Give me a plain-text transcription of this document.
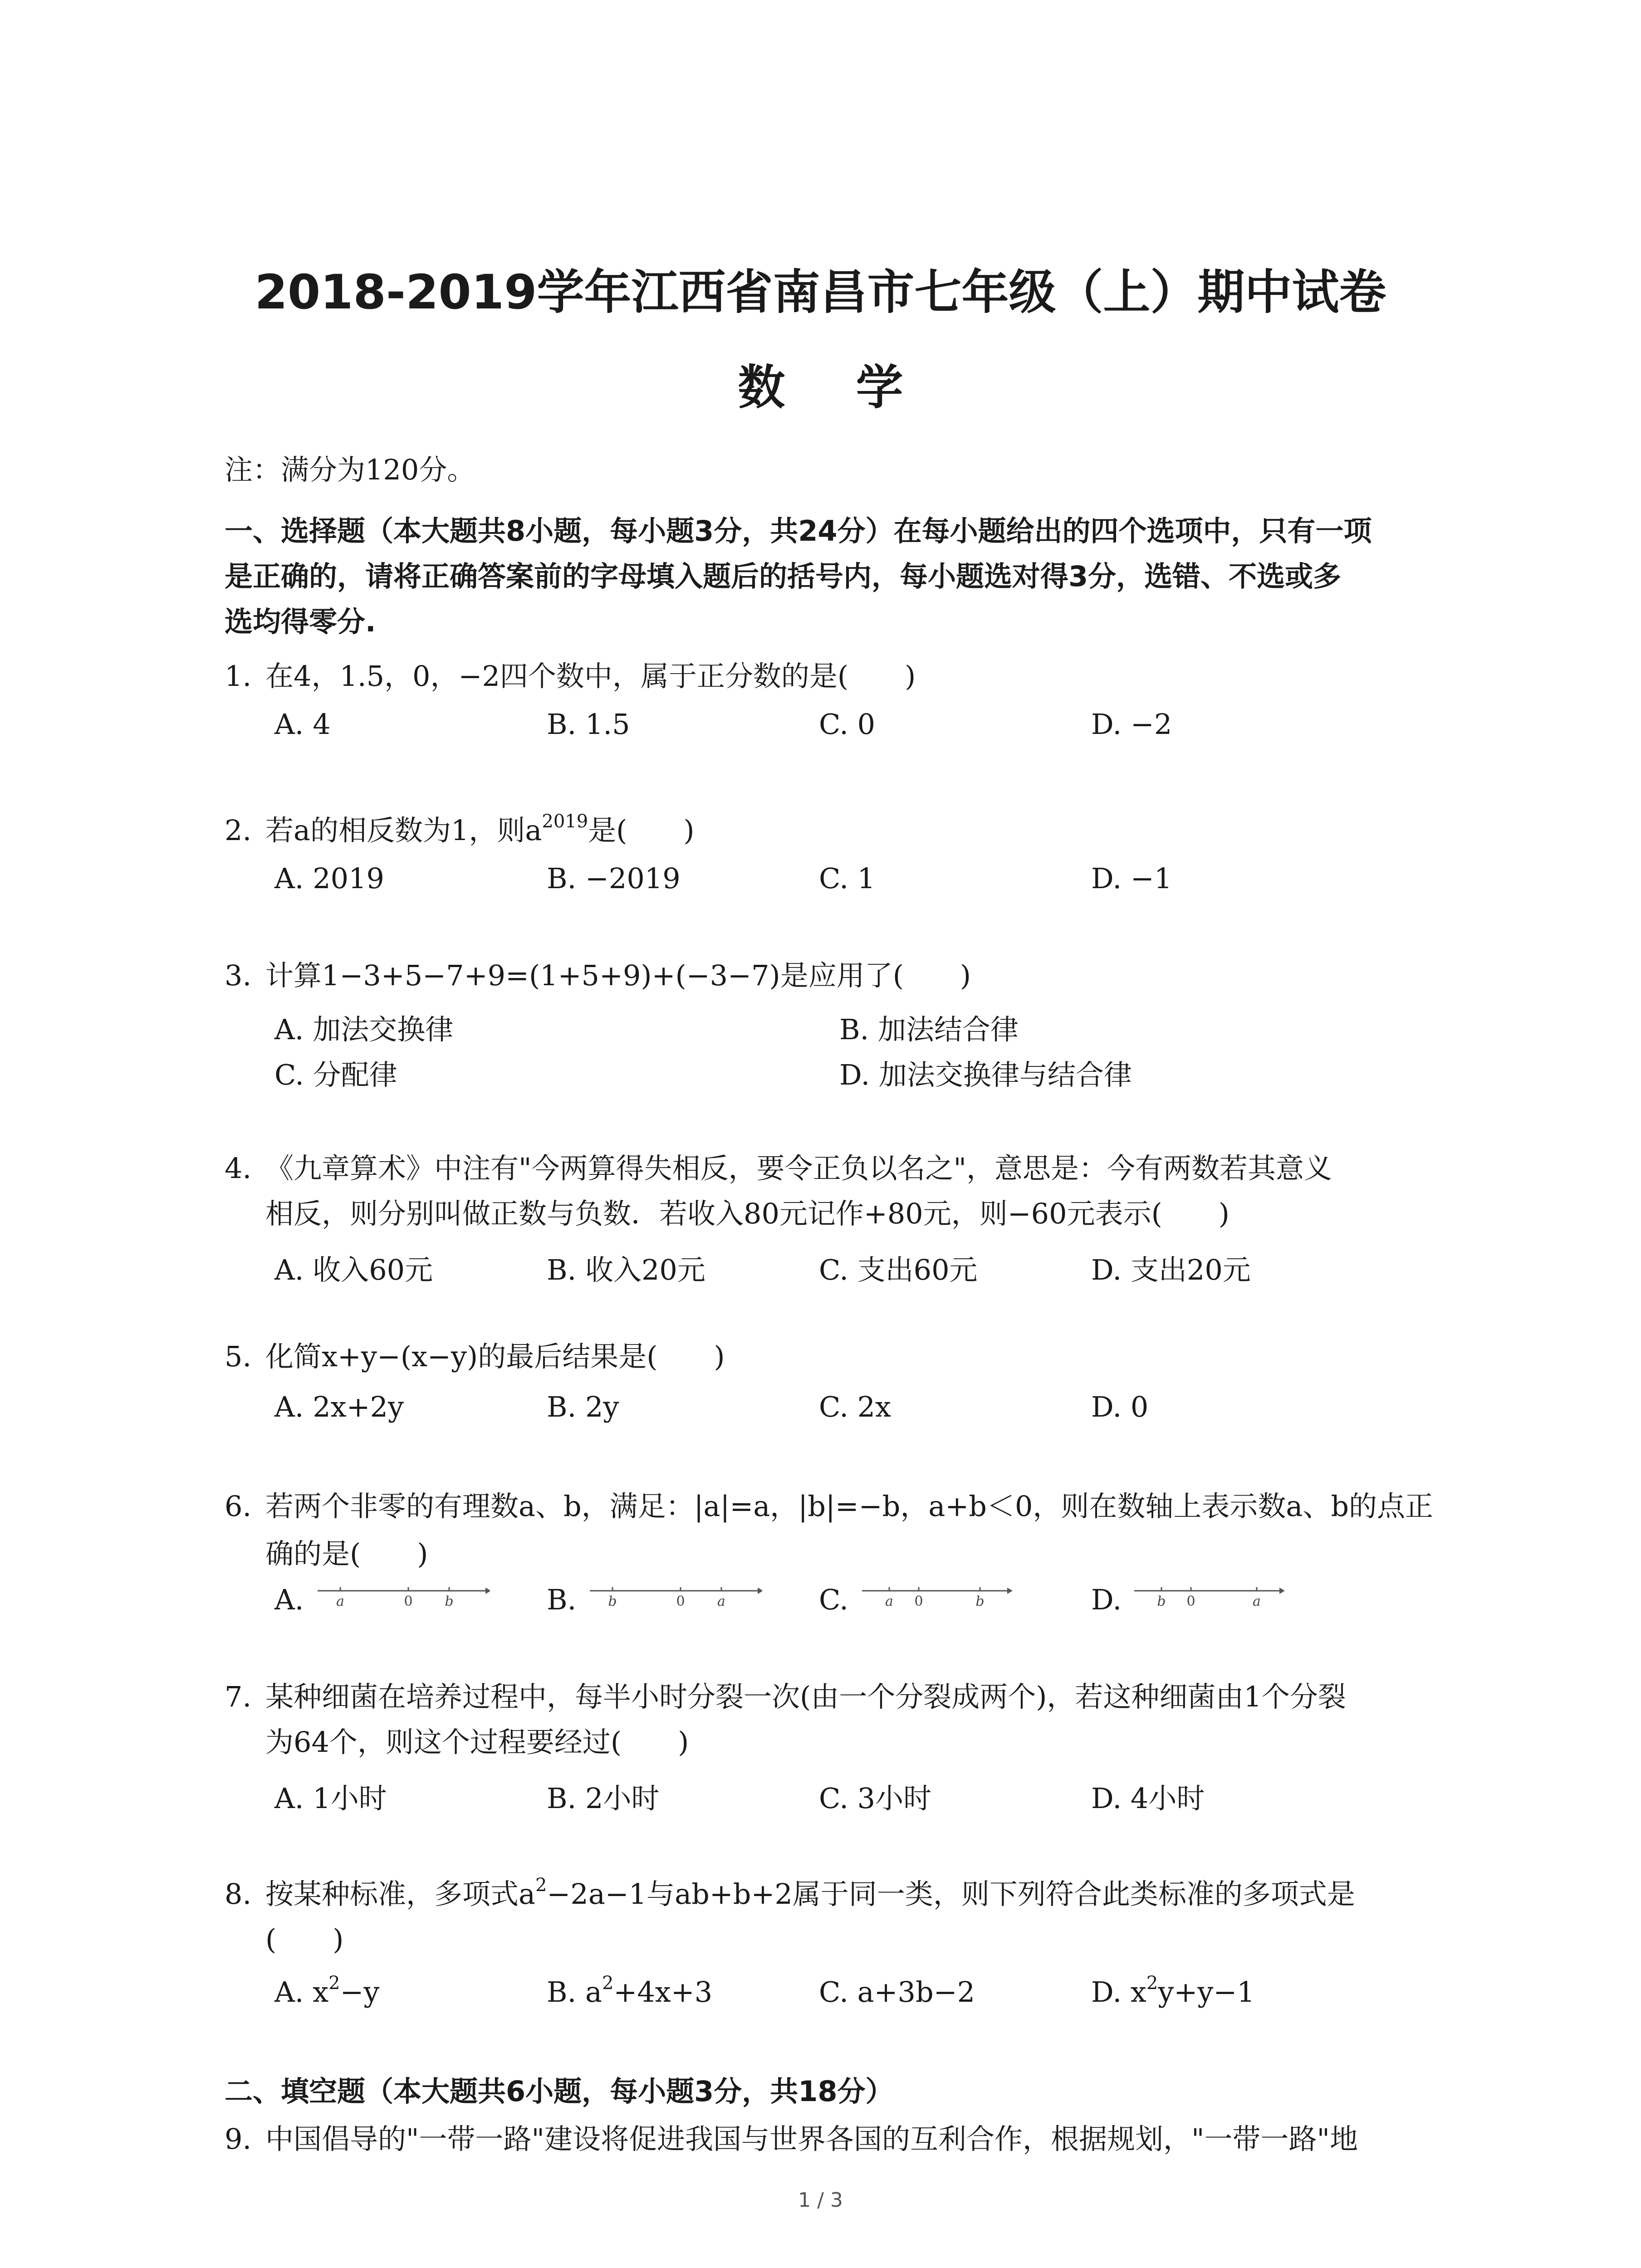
2018-2019学年江西省南昌市七年级（上）期中试卷
数 学
注：满分为120分。
一、选择题（本大题共8小题，每小题3分，共24分）在每小题给出的四个选项中，只有一项
是正确的，请将正确答案前的字母填入题后的括号内，每小题选对得3分，选错、不选或多
选均得零分.
1. 在4，1.5，0，−2四个数中，属于正分数的是(　　)
A. 4	B. 1.5	C. 0	D. −2
2. 若a的相反数为1，则$a^{2019}$是(　　)
A. 2019	B. −2019	C. 1	D. −1
3. 计算1−3+5−7+9=(1+5+9)+(−3−7)是应用了(　　)
A. 加法交换律	B. 加法结合律
C. 分配律	D. 加法交换律与结合律
4. 《九章算术》中注有"今两算得失相反，要令正负以名之"，意思是：今有两数若其意义
相反，则分别叫做正数与负数．若收入80元记作+80元，则−60元表示(　　)
A. 收入60元	B. 收入20元	C. 支出60元	D. 支出20元
5. 化简x+y−(x−y)的最后结果是(　　)
A. 2x+2y	B. 2y	C. 2x	D. 0
6. 若两个非零的有理数a、b，满足：|a|=a，|b|=−b，a+b＜0，则在数轴上表示数a、b的点正
确的是(　　)
A.	B.	C.	D.
a	0 b	b	0 a	a 0	b	b 0	a
7. 某种细菌在培养过程中，每半小时分裂一次(由一个分裂成两个)，若这种细菌由1个分裂
为64个，则这个过程要经过(　　)
A. 1小时	B. 2小时	C. 3小时	D. 4小时
8. 按某种标准，多项式$a^2-2a-1$与ab+b+2属于同一类，则下列符合此类标准的多项式是
(　　)
A. $x^2-y$	B. $a^2+4x+3$	C. a+3b−2	D. $x^2y+y-1$
二、填空题（本大题共6小题，每小题3分，共18分）
9. 中国倡导的"一带一路"建设将促进我国与世界各国的互利合作，根据规划，"一带一路"地
1 / 3
